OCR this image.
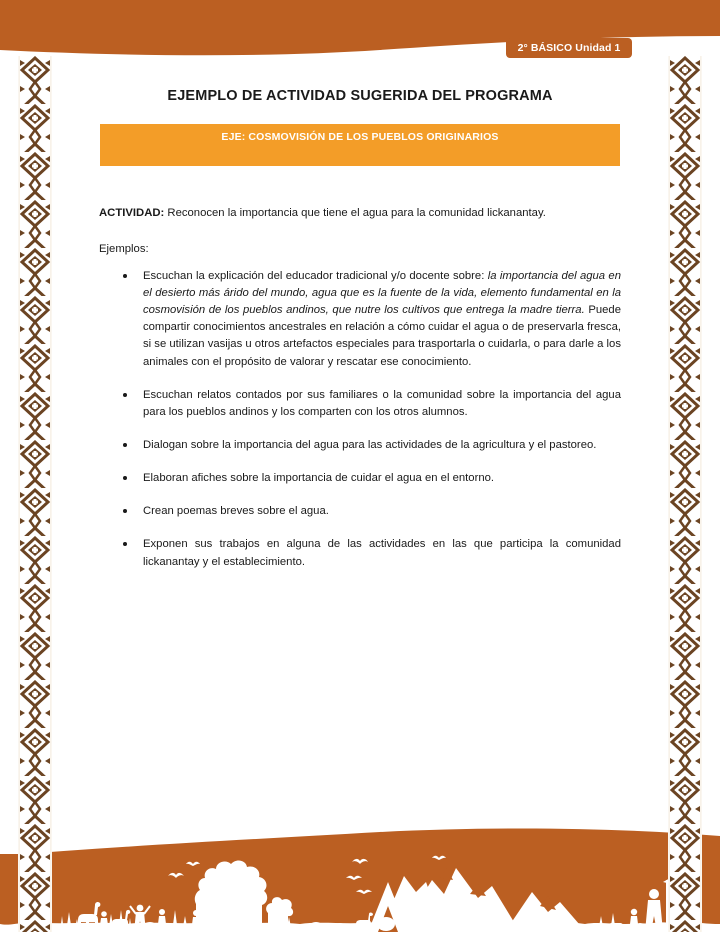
2° BÁSICO Unidad 1
EJEMPLO DE ACTIVIDAD SUGERIDA DEL PROGRAMA
EJE: COSMOVISIÓN DE LOS PUEBLOS ORIGINARIOS

ACTIVIDAD: Reconocen la importancia que tiene el agua para la comunidad lickanantay.

Ejemplos:

Escuchan la explicación del educador tradicional y/o docente sobre: la importancia del agua en el desierto más árido del mundo, agua que es la fuente de la vida, elemento fundamental en la cosmovisión de los pueblos andinos, que nutre los cultivos que entrega la madre tierra. Puede compartir conocimientos ancestrales en relación a cómo cuidar el agua o de preservarla fresca, si se utilizan vasijas u otros artefactos especiales para trasportarla o cuidarla, o para darle a los animales con el propósito de valorar y rescatar ese conocimiento.
Escuchan relatos contados por sus familiares o la comunidad sobre la importancia del agua para los pueblos andinos y los comparten con los otros alumnos.
Dialogan sobre la importancia del agua para las actividades de la agricultura y el pastoreo.
Elaboran afiches sobre la importancia de cuidar el agua en el entorno.
Crean poemas breves sobre el agua.
Exponen sus trabajos en alguna de las actividades en las que participa la comunidad lickanantay y el establecimiento.
